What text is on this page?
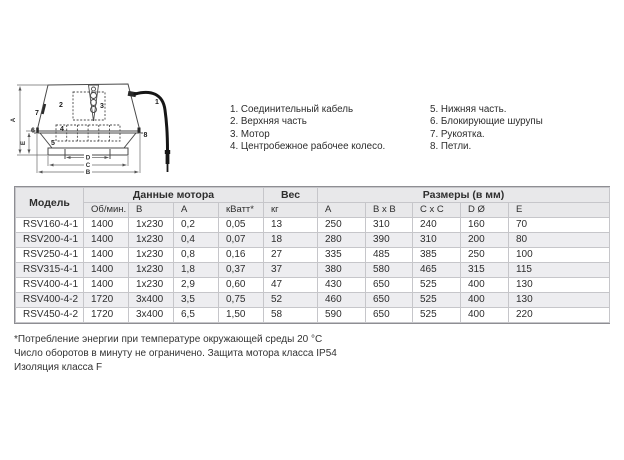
A
E
D
C
B
1
2	3
4
5
6
7
8
1. Соединительный кабель
2. Верхняя часть
3. Мотор
4. Центробежное рабочее колесо.
5. Нижняя часть.
6. Блокирующие шурупы
7. Рукоятка.
8. Петли.
Модель	Данные мотора				Вес	Размеры (в мм)				
	Об/мин.	В	А	кВатт*	кг	A	B x B	C x C	D Ø	E
RSV160-4-1	1400	1x230	0,2	0,05	13	250	310	240	160	70
RSV200-4-1	1400	1x230	0,4	0,07	18	280	390	310	200	80
RSV250-4-1	1400	1x230	0,8	0,16	27	335	485	385	250	100
RSV315-4-1	1400	1x230	1,8	0,37	37	380	580	465	315	115
RSV400-4-1	1400	1x230	2,9	0,60	47	430	650	525	400	130
RSV400-4-2	1720	3x400	3,5	0,75	52	460	650	525	400	130
RSV450-4-2	1720	3x400	6,5	1,50	58	590	650	525	400	220
*Потребление энергии при температуре окружающей среды 20 °C
Число оборотов в минуту не ограничено. Защита мотора класса IP54
Изоляция класса F
